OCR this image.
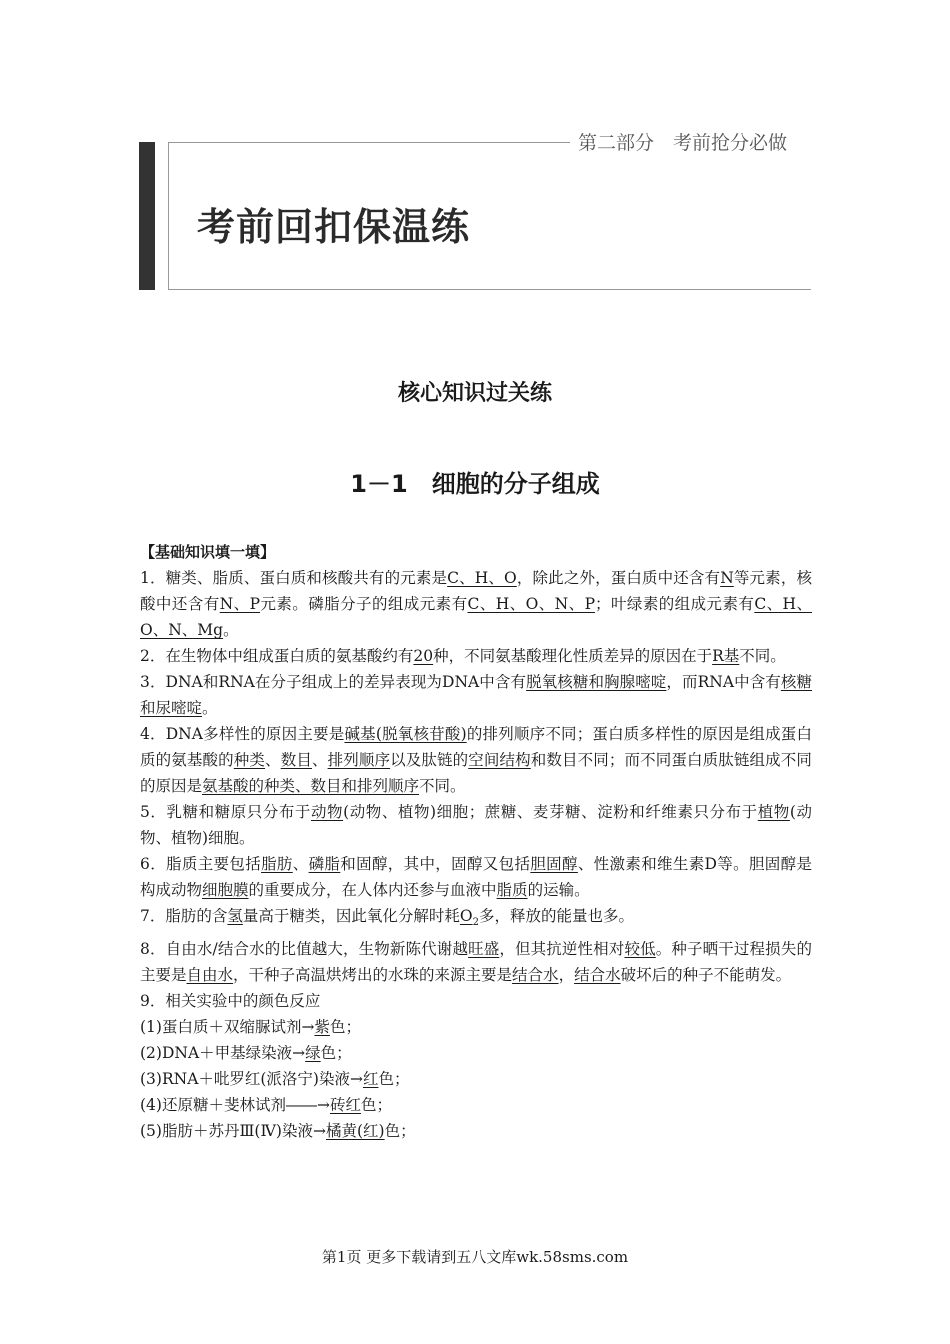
第二部分　考前抢分必做
考前回扣保温练
核心知识过关练
1－1　细胞的分子组成
【基础知识填一填】

1．糖类、脂质、蛋白质和核酸共有的元素是C、H、O，除此之外，蛋白质中还含有N等元素，核酸中还含有N、P元素。磷脂分子的组成元素有C、H、O、N、P；叶绿素的组成元素有C、H、O、N、Mg。

2．在生物体中组成蛋白质的氨基酸约有20种，不同氨基酸理化性质差异的原因在于R基不同。

3．DNA和RNA在分子组成上的差异表现为DNA中含有脱氧核糖和胸腺嘧啶，而RNA中含有核糖和尿嘧啶。

4．DNA多样性的原因主要是碱基(脱氧核苷酸)的排列顺序不同；蛋白质多样性的原因是组成蛋白质的氨基酸的种类、数目、排列顺序以及肽链的空间结构和数目不同；而不同蛋白质肽链组成不同的原因是氨基酸的种类、数目和排列顺序不同。

5．乳糖和糖原只分布于动物(动物、植物)细胞；蔗糖、麦芽糖、淀粉和纤维素只分布于植物(动物、植物)细胞。

6．脂质主要包括脂肪、磷脂和固醇，其中，固醇又包括胆固醇、性激素和维生素D等。胆固醇是构成动物细胞膜的重要成分，在人体内还参与血液中脂质的运输。

7．脂肪的含氢量高于糖类，因此氧化分解时耗$O_2$多，释放的能量也多。

8．自由水/结合水的比值越大，生物新陈代谢越旺盛，但其抗逆性相对较低。种子晒干过程损失的主要是自由水，干种子高温烘烤出的水珠的来源主要是结合水，结合水破坏后的种子不能萌发。

9．相关实验中的颜色反应

(1)蛋白质＋双缩脲试剂→紫色；

(2)DNA＋甲基绿染液→绿色；

(3)RNA＋吡罗红(派洛宁)染液→红色；

(4)还原糖＋斐林试剂――→砖红色；

(5)脂肪＋苏丹Ⅲ(Ⅳ)染液→橘黄(红)色；

第1页 更多下载请到五八文库wk.58sms.com
